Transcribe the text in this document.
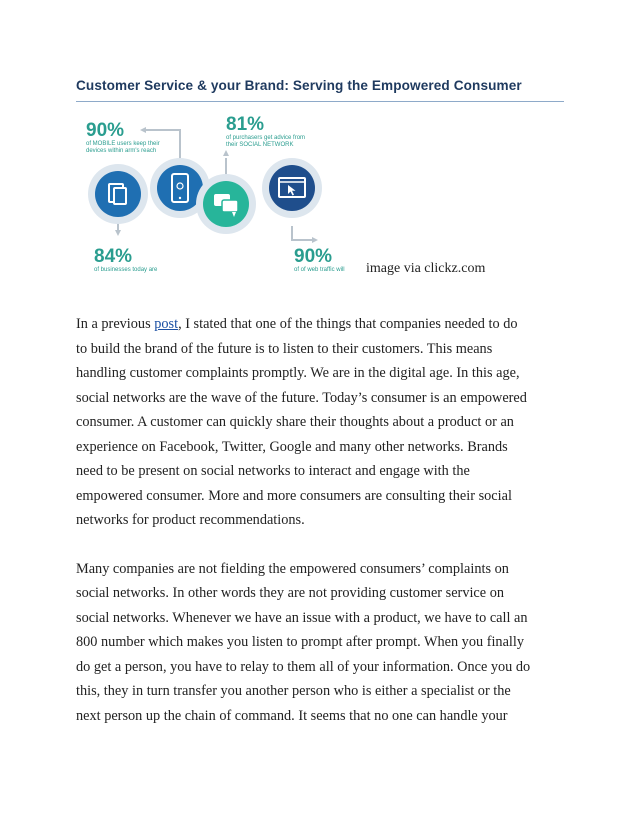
Customer Service & your Brand: Serving the Empowered Consumer
90%
of MOBILE users keep their
devices within arm's reach
81%
of purchasers get advice from
their SOCIAL NETWORK
84%
of businesses today are
90%
of of web traffic will image via clickz.com

In a previous post, I stated that one of the things that companies needed to do
to build the brand of the future is to listen to their customers. This means
handling customer complaints promptly. We are in the digital age. In this age,
social networks are the wave of the future. Today’s consumer is an empowered
consumer. A customer can quickly share their thoughts about a product or an
experience on Facebook, Twitter, Google and many other networks. Brands
need to be present on social networks to interact and engage with the
empowered consumer. More and more consumers are consulting their social
networks for product recommendations.

Many companies are not fielding the empowered consumers’ complaints on
social networks. In other words they are not providing customer service on
social networks. Whenever we have an issue with a product, we have to call an
800 number which makes you listen to prompt after prompt. When you finally
do get a person, you have to relay to them all of your information. Once you do
this, they in turn transfer you another person who is either a specialist or the
next person up the chain of command. It seems that no one can handle your
